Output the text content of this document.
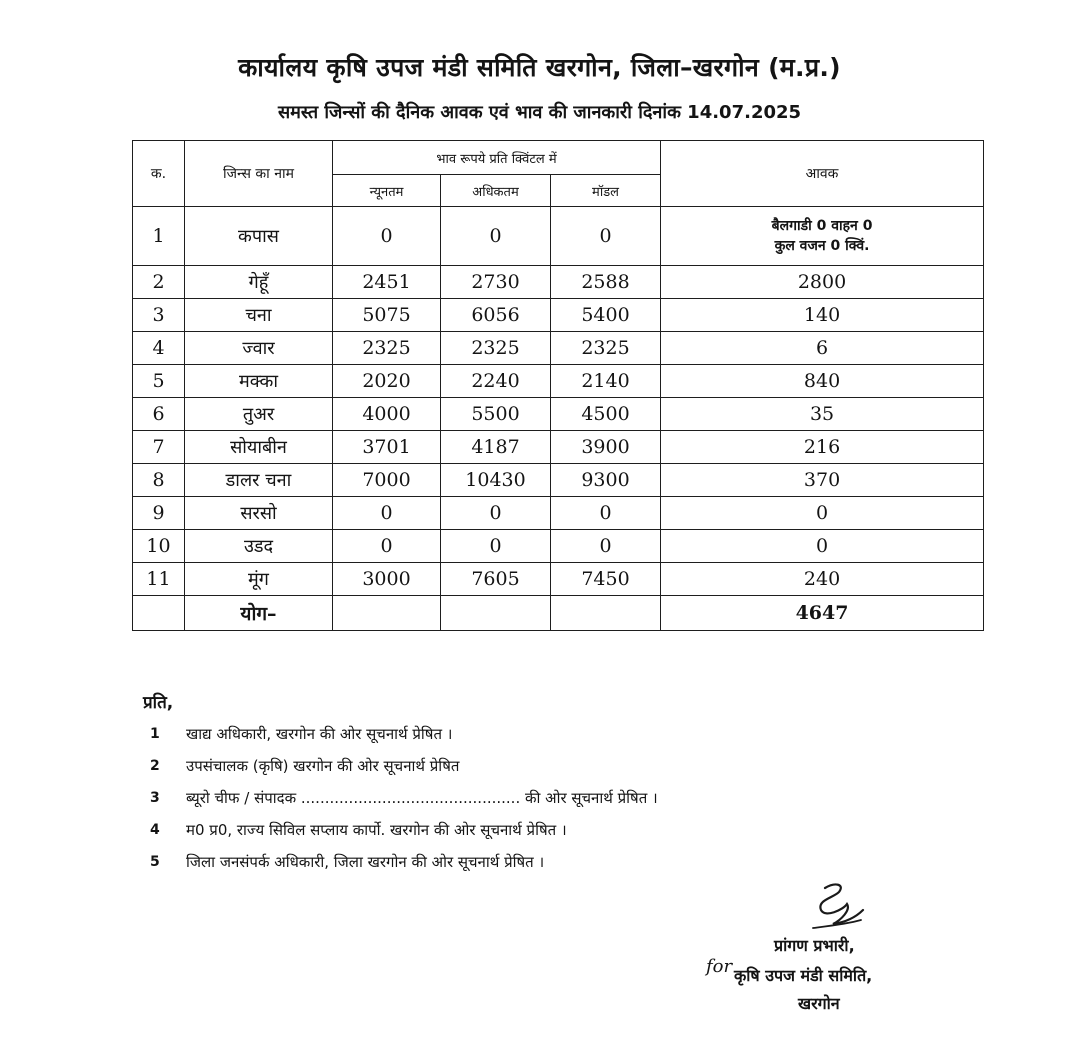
कार्यालय कृषि उपज मंडी समिति खरगोन, जिला–खरगोन (म.प्र.)
समस्त जिन्सों की दैनिक आवक एवं भाव की जानकारी दिनांक 14.07.2025
क.	जिन्स का नाम	भाव रूपये प्रति क्विंटल में			आवक
		न्यूनतम	अधिकतम	मॉडल	
1	कपास	0	0	0	बैलगाडी 0 वाहन 0
कुल वजन 0 क्विं.

2	गेहूँ	2451	2730	2588	2800
3	चना	5075	6056	5400	140
4	ज्वार	2325	2325	2325	6
5	मक्का	2020	2240	2140	840
6	तुअर	4000	5500	4500	35
7	सोयाबीन	3701	4187	3900	216
8	डालर चना	7000	10430	9300	370
9	सरसो	0	0	0	0
10	उडद	0	0	0	0
11	मूंग	3000	7605	7450	240
	योग–				4647
प्रति,
1	खाद्य अधिकारी, खरगोन की ओर सूचनार्थ प्रेषित ।
2	उपसंचालक (कृषि) खरगोन की ओर सूचनार्थ प्रेषित
3	ब्यूरो चीफ / संपादक .............................................. की ओर सूचनार्थ प्रेषित ।
4	म0 प्र0, राज्य सिविल सप्लाय कार्पो. खरगोन की ओर सूचनार्थ प्रेषित ।
5	जिला जनसंपर्क अधिकारी, जिला खरगोन की ओर सूचनार्थ प्रेषित ।
प्रांगण प्रभारी,
for कृषि उपज मंडी समिति,
खरगोन
